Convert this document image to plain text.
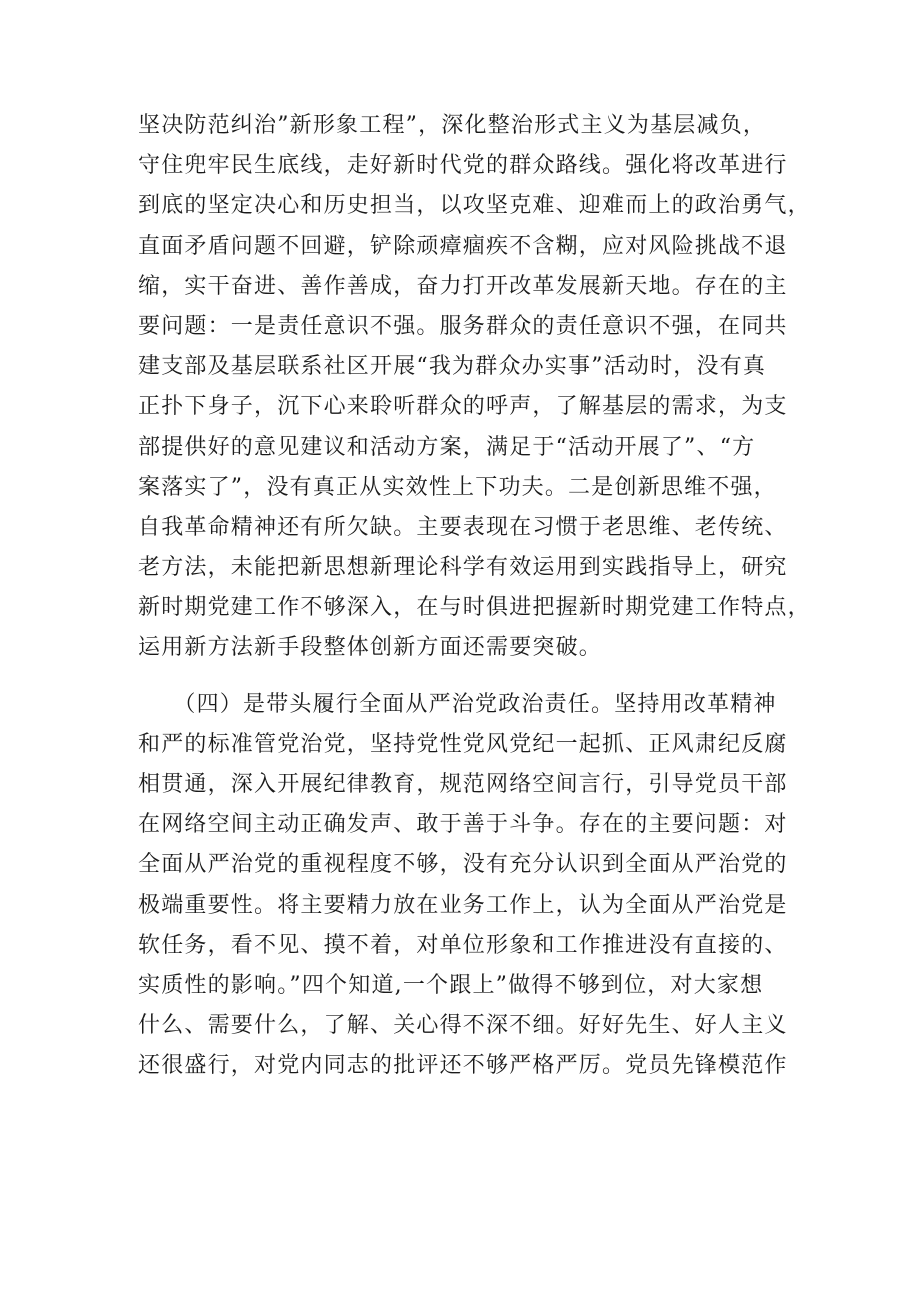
坚决防范纠治”新形象工程”，深化整治形式主义为基层减负，
守住兜牢民生底线，走好新时代党的群众路线。强化将改革进行
到底的坚定决心和历史担当，以攻坚克难、迎难而上的政治勇气，
直面矛盾问题不回避，铲除顽瘴痼疾不含糊，应对风险挑战不退
缩，实干奋进、善作善成，奋力打开改革发展新天地。存在的主
要问题：一是责任意识不强。服务群众的责任意识不强，在同共
建支部及基层联系社区开展“我为群众办实事”活动时，没有真
正扑下身子，沉下心来聆听群众的呼声，了解基层的需求，为支
部提供好的意见建议和活动方案，满足于“活动开展了”、“方
案落实了”，没有真正从实效性上下功夫。二是创新思维不强，
自我革命精神还有所欠缺。主要表现在习惯于老思维、老传统、
老方法，未能把新思想新理论科学有效运用到实践指导上，研究
新时期党建工作不够深入，在与时俱进把握新时期党建工作特点，
运用新方法新手段整体创新方面还需要突破。

　　（四）是带头履行全面从严治党政治责任。坚持用改革精神
和严的标准管党治党，坚持党性党风党纪一起抓、正风肃纪反腐
相贯通，深入开展纪律教育，规范网络空间言行，引导党员干部
在网络空间主动正确发声、敢于善于斗争。存在的主要问题：对
全面从严治党的重视程度不够，没有充分认识到全面从严治党的
极端重要性。将主要精力放在业务工作上，认为全面从严治党是
软任务，看不见、摸不着，对单位形象和工作推进没有直接的、
实质性的影响。”四个知道,一个跟上”做得不够到位，对大家想
什么、需要什么，了解、关心得不深不细。好好先生、好人主义
还很盛行，对党内同志的批评还不够严格严厉。党员先锋模范作
